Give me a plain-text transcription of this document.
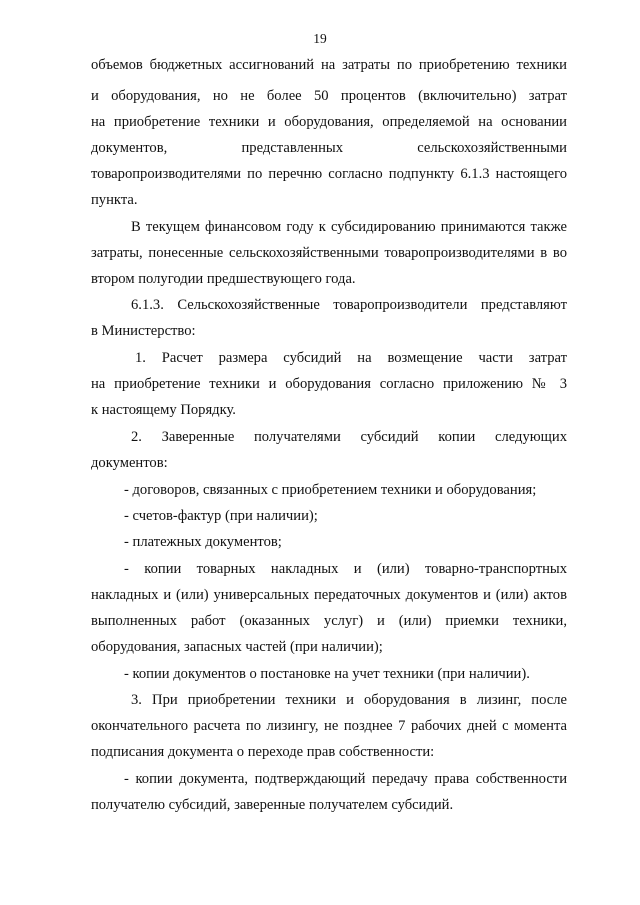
19
объемов бюджетных ассигнований на затраты по приобретению техники
и оборудования, но не более 50 процентов (включительно) затрат
на приобретение техники и оборудования, определяемой на основании
документов, представленных сельскохозяйственными
товаропроизводителями по перечню согласно подпункту 6.1.3 настоящего
пункта.
В текущем финансовом году к субсидированию принимаются также
затраты, понесенные сельскохозяйственными товаропроизводителями в во
втором полугодии предшествующего года.
6.1.3. Сельскохозяйственные товаропроизводители представляют
в Министерство:
1. Расчет размера субсидий на возмещение части затрат
на приобретение техники и оборудования согласно приложению № 3
к настоящему Порядку.
2. Заверенные получателями субсидий копии следующих
документов:
- договоров, связанных с приобретением техники и оборудования;
- счетов-фактур (при наличии);
- платежных документов;
- копии товарных накладных и (или) товарно-транспортных
накладных и (или) универсальных передаточных документов и (или) актов
выполненных работ (оказанных услуг) и (или) приемки техники,
оборудования, запасных частей (при наличии);
- копии документов о постановке на учет техники (при наличии).
3. При приобретении техники и оборудования в лизинг, после
окончательного расчета по лизингу, не позднее 7 рабочих дней с момента
подписания документа о переходе прав собственности:
- копии документа, подтверждающий передачу права собственности
получателю субсидий, заверенные получателем субсидий.
